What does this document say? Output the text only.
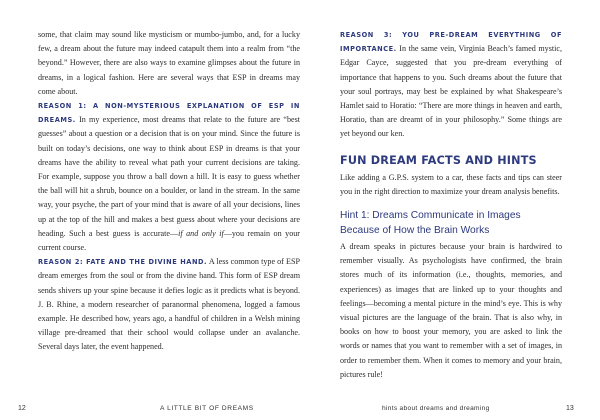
some, that claim may sound like mysticism or mumbo-jumbo, and, for a lucky few, a dream about the future may indeed catapult them into a realm from “the beyond.” However, there are also ways to examine glimpses about the future in dreams, in a logical fashion. Here are several ways that ESP in dreams may come about.

REASON 1: A NON-MYSTERIOUS EXPLANATION OF ESP IN DREAMS. In my experience, most dreams that relate to the future are “best guesses” about a question or a decision that is on your mind. Since the future is built on today’s decisions, one way to think about ESP in dreams is that your dreams have the ability to reveal what path your current decisions are taking. For example, suppose you throw a ball down a hill. It is easy to guess whether the ball will hit a shrub, bounce on a boulder, or land in the stream. In the same way, your psyche, the part of your mind that is aware of all your decisions, lines up at the top of the hill and makes a best guess about where your decisions are heading. Such a best guess is accurate—if and only if—you remain on your current course.

REASON 2: FATE AND THE DIVINE HAND. A less common type of ESP dream emerges from the soul or from the divine hand. This form of ESP dream sends shivers up your spine because it defies logic as it predicts what is beyond. J. B. Rhine, a modern researcher of paranormal phenomena, logged a famous example. He described how, years ago, a handful of children in a Welsh mining village pre-dreamed that their school would collapse under an avalanche. Several days later, the event happened.

REASON 3: YOU PRE-DREAM EVERYTHING OF IMPORTANCE. In the same vein, Virginia Beach’s famed mystic, Edgar Cayce, suggested that you pre-dream everything of importance that happens to you. Such dreams about the future that your soul portrays, may best be explained by what Shakespeare’s Hamlet said to Horatio: “There are more things in heaven and earth, Horatio, than are dreamt of in your philosophy.” Some things are yet beyond our ken.

FUN DREAM FACTS AND HINTS

Like adding a G.P.S. system to a car, these facts and tips can steer you in the right direction to maximize your dream analysis benefits.

Hint 1: Dreams Communicate in Images
Because of How the Brain Works

A dream speaks in pictures because your brain is hardwired to remember visually. As psychologists have confirmed, the brain stores much of its information (i.e., thoughts, memories, and experiences) as images that are linked up to your thoughts and feelings—becoming a mental picture in the mind’s eye. This is why visual pictures are the language of the brain. That is also why, in books on how to boost your memory, you are asked to link the words or names that you want to remember with a set of images, in order to remember them. When it comes to memory and your brain, pictures rule!

12	A LITTLE BIT OF DREAMS	hints about dreams and dreaming	13
